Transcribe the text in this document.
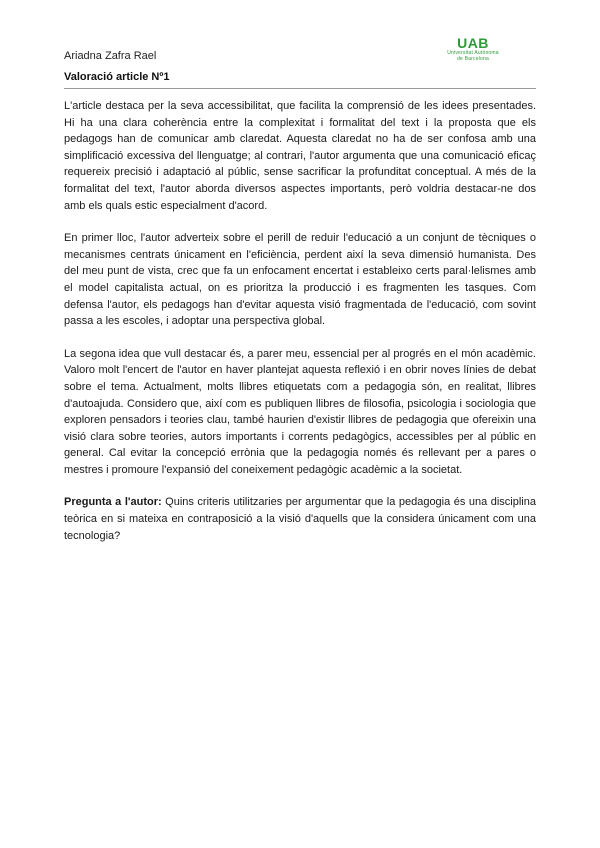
Ariadna Zafra Rael
UAB
Universitat Autònoma
de Barcelona
Valoració article Nº1

L'article destaca per la seva accessibilitat, que facilita la comprensió de les idees presentades. Hi ha una clara coherència entre la complexitat i formalitat del text i la proposta que els pedagogs han de comunicar amb claredat. Aquesta claredat no ha de ser confosa amb una simplificació excessiva del llenguatge; al contrari, l'autor argumenta que una comunicació eficaç requereix precisió i adaptació al públic, sense sacrificar la profunditat conceptual. A més de la formalitat del text, l'autor aborda diversos aspectes importants, però voldria destacar-ne dos amb els quals estic especialment d'acord.

En primer lloc, l'autor adverteix sobre el perill de reduir l'educació a un conjunt de tècniques o mecanismes centrats únicament en l'eficiència, perdent així la seva dimensió humanista. Des del meu punt de vista, crec que fa un enfocament encertat i estableixo certs paral·lelismes amb el model capitalista actual, on es prioritza la producció i es fragmenten les tasques. Com defensa l'autor, els pedagogs han d'evitar aquesta visió fragmentada de l'educació, com sovint passa a les escoles, i adoptar una perspectiva global.

La segona idea que vull destacar és, a parer meu, essencial per al progrés en el món acadèmic. Valoro molt l'encert de l'autor en haver plantejat aquesta reflexió i en obrir noves línies de debat sobre el tema. Actualment, molts llibres etiquetats com a pedagogia són, en realitat, llibres d'autoajuda. Considero que, així com es publiquen llibres de filosofia, psicologia i sociologia que exploren pensadors i teories clau, també haurien d'existir llibres de pedagogia que ofereixin una visió clara sobre teories, autors importants i corrents pedagògics, accessibles per al públic en general. Cal evitar la concepció errònia que la pedagogia només és rellevant per a pares o mestres i promoure l'expansió del coneixement pedagògic acadèmic a la societat.

Pregunta a l'autor: Quins criteris utilitzaries per argumentar que la pedagogia és una disciplina teòrica en si mateixa en contraposició a la visió d'aquells que la considera únicament com una tecnologia?
